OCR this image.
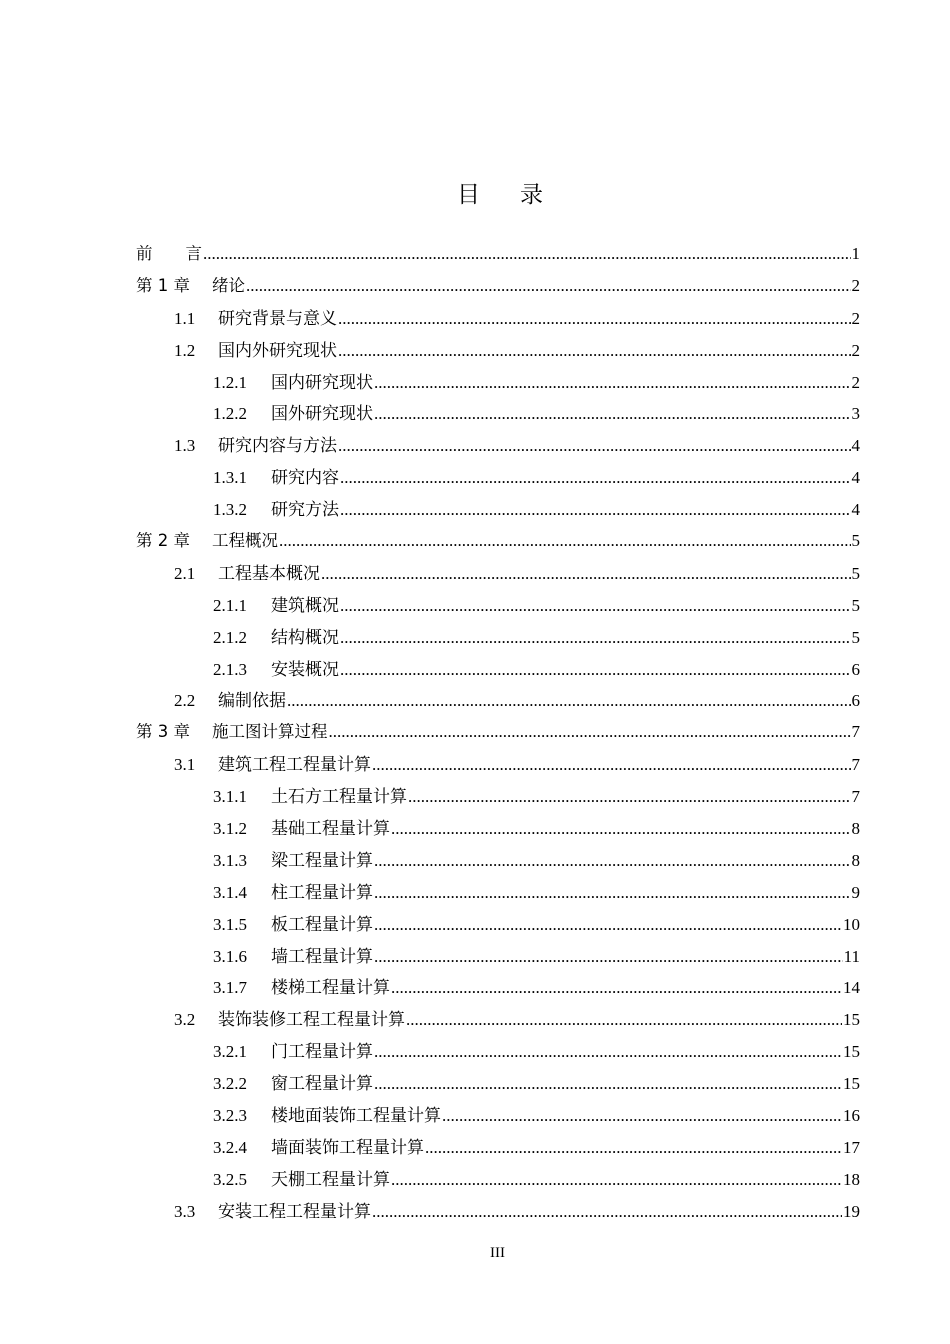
目 录
前　　言 .....	1
第 1 章	绪论 .....	2
1.1	研究背景与意义 .....	2
1.2	国内外研究现状 .....	2
1.2.1	国内研究现状 .....	2
1.2.2	国外研究现状 .....	3
1.3	研究内容与方法 .....	4
1.3.1	研究内容 .....	4
1.3.2	研究方法 .....	4
第 2 章	工程概况 .....	5
2.1	工程基本概况 .....	5
2.1.1	建筑概况 .....	5
2.1.2	结构概况 .....	5
2.1.3	安装概况 .....	6
2.2	编制依据 .....	6
第 3 章	施工图计算过程 .....	7
3.1	建筑工程工程量计算 .....	7
3.1.1	土石方工程量计算 .....	7
3.1.2	基础工程量计算 .....	8
3.1.3	梁工程量计算 .....	8
3.1.4	柱工程量计算 .....	9
3.1.5	板工程量计算 .....	10
3.1.6	墙工程量计算 .....	11
3.1.7	楼梯工程量计算 .....	14
3.2	装饰装修工程工程量计算 .....	15
3.2.1	门工程量计算 .....	15
3.2.2	窗工程量计算 .....	15
3.2.3	楼地面装饰工程量计算 .....	16
3.2.4	墙面装饰工程量计算 .....	17
3.2.5	天棚工程量计算 .....	18
3.3	安装工程工程量计算 .....	19
III
